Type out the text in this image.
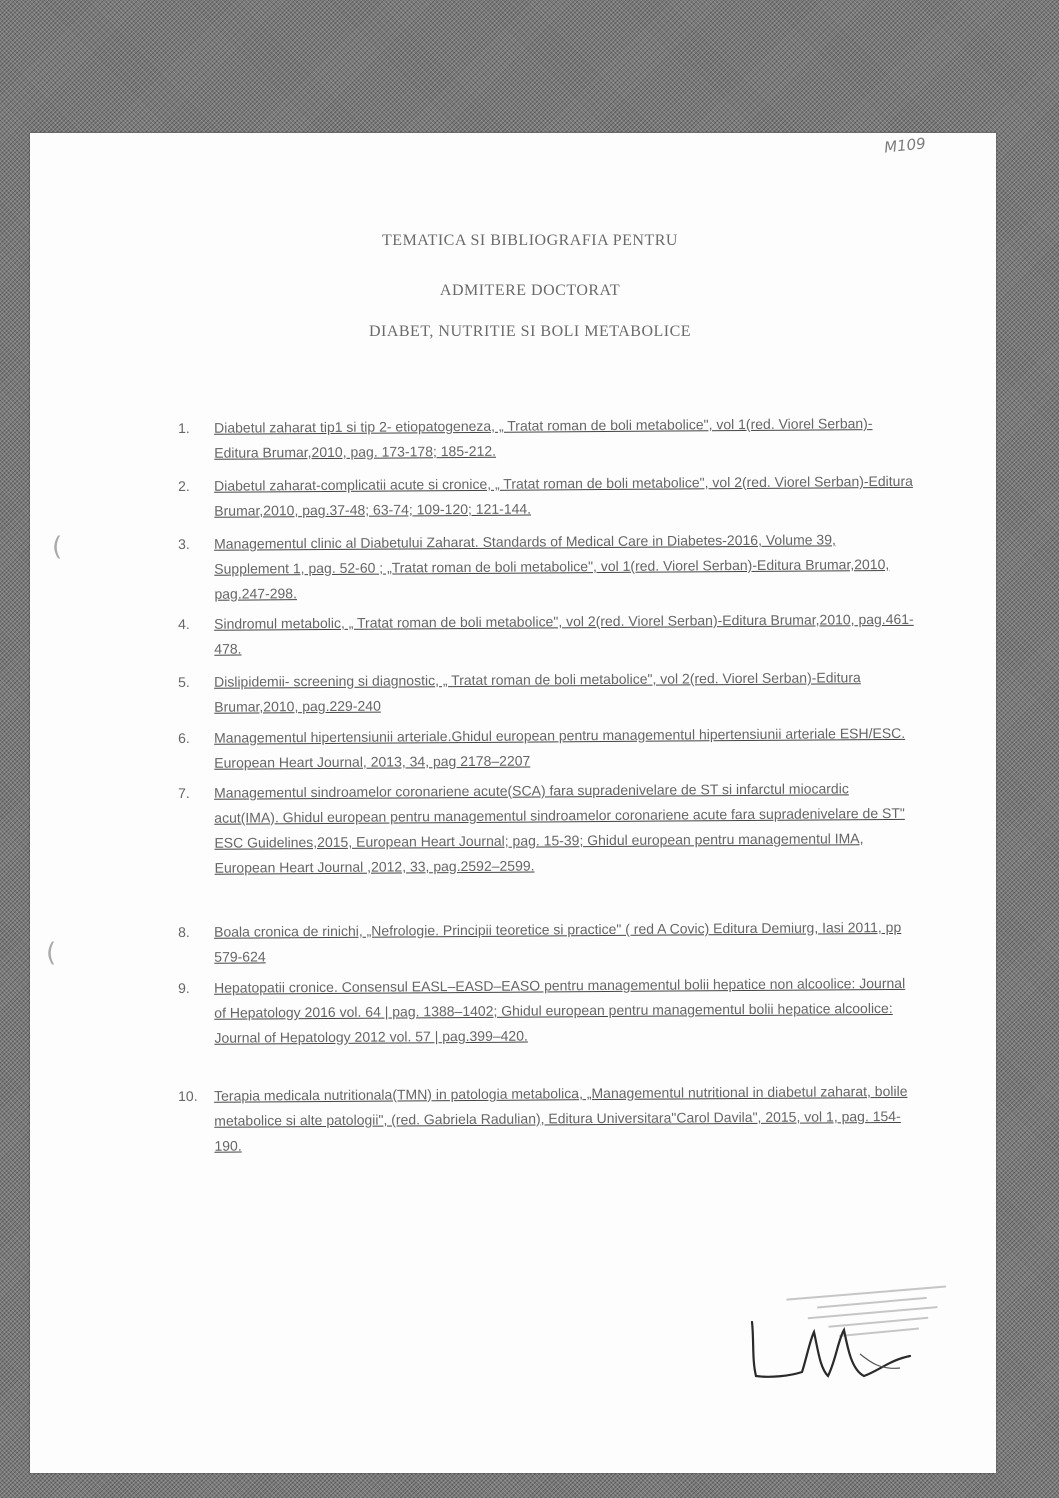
M109
TEMATICA SI BIBLIOGRAFIA PENTRU
ADMITERE DOCTORAT
DIABET, NUTRITIE SI BOLI METABOLICE
1.	Diabetul zaharat tip1 si tip 2- etiopatogeneza, „ Tratat roman de boli metabolice", vol 1(red. Viorel Serban)-Editura Brumar,2010, pag. 173-178; 185-212.
2.	Diabetul zaharat-complicatii acute si cronice, „ Tratat roman de boli metabolice", vol 2(red. Viorel Serban)-Editura Brumar,2010, pag.37-48; 63-74; 109-120; 121-144.
3.	Managementul clinic al Diabetului Zaharat. Standards of Medical Care in Diabetes-2016, Volume 39, Supplement 1, pag. 52-60 ; „Tratat roman de boli metabolice", vol 1(red. Viorel Serban)-Editura Brumar,2010, pag.247-298.
4.	Sindromul metabolic, „ Tratat roman de boli metabolice", vol 2(red. Viorel Serban)-Editura Brumar,2010, pag.461-478.
5.	Dislipidemii- screening si diagnostic, „ Tratat roman de boli metabolice", vol 2(red. Viorel Serban)-Editura Brumar,2010, pag.229-240
6.	Managementul hipertensiunii arteriale.Ghidul european pentru managementul hipertensiunii arteriale ESH/ESC. European Heart Journal, 2013, 34, pag 2178–2207
7.	Managementul sindroamelor coronariene acute(SCA) fara supradenivelare de ST si infarctul miocardic acut(IMA). Ghidul european pentru managementul sindroamelor coronariene acute fara supradenivelare de ST" ESC Guidelines,2015, European Heart Journal; pag. 15-39; Ghidul european pentru managementul IMA, European Heart Journal ,2012, 33, pag.2592–2599.
8.	Boala cronica de rinichi, „Nefrologie. Principii teoretice si practice" ( red A Covic) Editura Demiurg, Iasi 2011, pp 579-624
9.	Hepatopatii cronice. Consensul EASL–EASD–EASO pentru managementul bolii hepatice non alcoolice: Journal of Hepatology 2016 vol. 64 | pag. 1388–1402; Ghidul european pentru managementul bolii hepatice alcoolice: Journal of Hepatology 2012 vol. 57 | pag.399–420.
10.	Terapia medicala nutritionala(TMN) in patologia metabolica, „Managementul nutritional in diabetul zaharat, bolile metabolice si alte patologii", (red. Gabriela Radulian), Editura Universitara"Carol Davila", 2015, vol 1, pag. 154-190.
(
(
